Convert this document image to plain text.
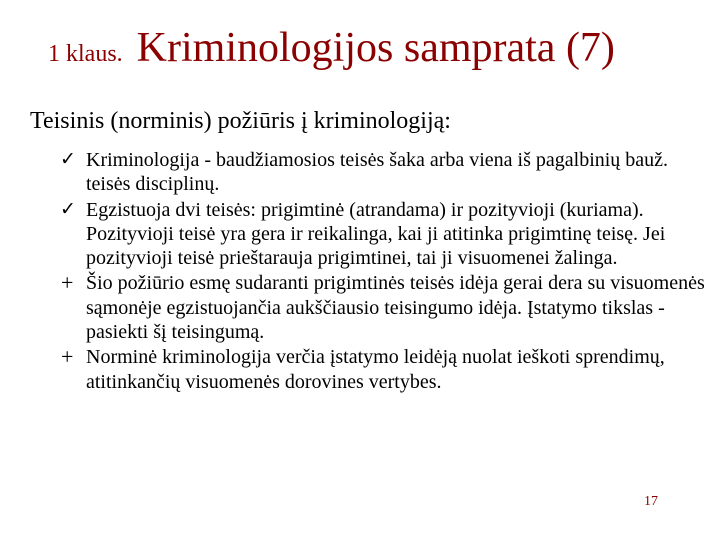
1 klaus. Kriminologijos samprata (7)
Teisinis (norminis) požiūris į kriminologiją:
✓ Kriminologija - baudžiamosios teisės šaka arba viena iš pagalbinių bauž. teisės disciplinų.
✓ Egzistuoja dvi teisės: prigimtinė (atrandama) ir pozityvioji (kuriama). Pozityvioji teisė yra gera ir reikalinga, kai ji atitinka prigimtinę teisę. Jei pozityvioji teisė prieštarauja prigimtinei, tai ji visuomenei žalinga.
+ Šio požiūrio esmę sudaranti prigimtinės teisės idėja gerai dera su visuomenės sąmonėje egzistuojančia aukščiausio teisingumo idėja. Įstatymo tikslas - pasiekti šį teisingumą.
+ Norminė kriminologija verčia įstatymo leidėją nuolat ieškoti sprendimų, atitinkančių visuomenės dorovines vertybes.
17
